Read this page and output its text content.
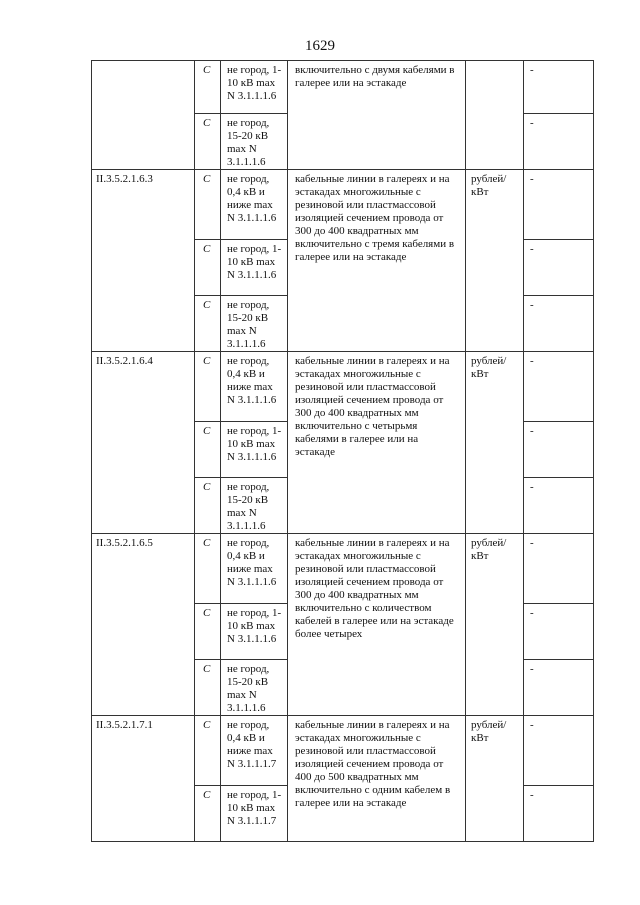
1629
	С	не город, 1-10 кВ max N 3.1.1.1.6	включительно с двумя кабелями в галерее или на эстакаде		-
	С	не город, 15-20 кВ max N 3.1.1.1.6			-
II.3.5.2.1.6.3	С	не город, 0,4 кВ и ниже max N 3.1.1.1.6	кабельные линии в галереях и на эстакадах многожильные с резиновой или пластмассовой изоляцией сечением провода от 300 до 400 квадратных мм включительно с тремя кабелями в галерее или на эстакаде	рублей/ кВт	-
	С	не город, 1-10 кВ max N 3.1.1.1.6			-
	С	не город, 15-20 кВ max N 3.1.1.1.6			-
II.3.5.2.1.6.4	С	не город, 0,4 кВ и ниже max N 3.1.1.1.6	кабельные линии в галереях и на эстакадах многожильные с резиновой или пластмассовой изоляцией сечением провода от 300 до 400 квадратных мм включительно с четырьмя кабелями в галерее или на эстакаде	рублей/ кВт	-
	С	не город, 1-10 кВ max N 3.1.1.1.6			-
	С	не город, 15-20 кВ max N 3.1.1.1.6			-
II.3.5.2.1.6.5	С	не город, 0,4 кВ и ниже max N 3.1.1.1.6	кабельные линии в галереях и на эстакадах многожильные с резиновой или пластмассовой изоляцией сечением провода от 300 до 400 квадратных мм включительно с количеством кабелей в галерее или на эстакаде более четырех	рублей/ кВт	-
	С	не город, 1-10 кВ max N 3.1.1.1.6			-
	С	не город, 15-20 кВ max N 3.1.1.1.6			-
II.3.5.2.1.7.1	С	не город, 0,4 кВ и ниже max N 3.1.1.1.7	кабельные линии в галереях и на эстакадах многожильные с резиновой или пластмассовой изоляцией сечением провода от 400 до 500 квадратных мм включительно с одним кабелем в галерее или на эстакаде	рублей/ кВт	-
	С	не город, 1-10 кВ max N 3.1.1.1.7			-
